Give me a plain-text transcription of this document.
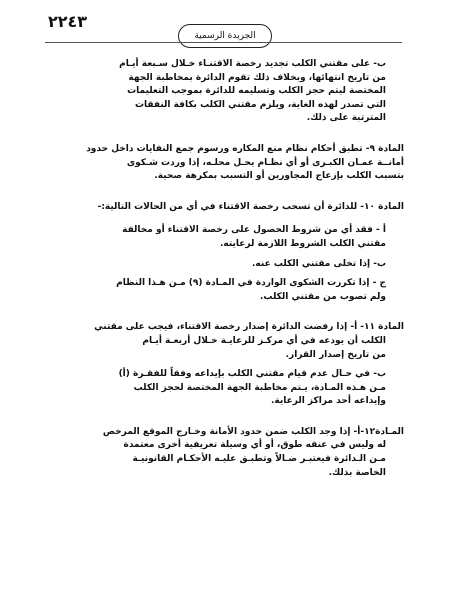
٢٢٤٣
الجريدة الرسمية
ب- على مقتني الكلب تجديد رخصة الاقتنـاء خـلال سـبعة أيـام
من تاريخ انتهائها، وبخلاف ذلك تقوم الدائرة بمخاطبة الجهة
المختصة ليتم حجز الكلب وتسليمه للدائرة بموجب التعليمات
التي تصدر لهذه الغاية، ويلزم مقتني الكلب بكافة النفقات
المترتبة على ذلك.
المادة ٩- تطبق أحكام نظام منع المكاره ورسوم جمع النفايات داخل حدود
أمانــة عمـان الكبـرى أو أي نظـام يحـل محلـه، إذا وردت شـكوى
بتسبب الكلب بإزعاج المجاورين أو التسبب بمكرهة صحية.
المادة ١٠- للدائرة أن تسحب رخصة الاقتناء في أي من الحالات التالية:-
أ - فقد أي من شروط الحصول على رخصة الاقتناء أو مخالفة
مقتني الكلب الشروط اللازمة لرعايته.
ب- إذا تخلى مقتني الكلب عنه.
ج - إذا تكررت الشكوى الواردة في المـادة (٩) مـن هـذا النظام
ولم تصوب من مقتني الكلب.
المادة ١١- أ- إذا رفضت الدائرة إصدار رخصة الاقتناء، فيجب على مقتني
الكلب أن يودعه في أي مركـز للرعايـة خـلال أربعـة أيـام
من تاريخ إصدار القرار.
ب- في حـال عدم قيام مقتني الكلب بإيداعه وفقاً للفقـرة (أ)
مـن هـذه المـادة، يـتم مخاطبة الجهة المختصة لحجز الكلب
وإيداعه أحد مراكز الرعاية.
المـادة١٢-أ- إذا وجد الكلب ضمن حدود الأمانة وخـارج الموقع المرخص
له وليس في عنقه طوق، أو أي وسيلة تعريفية أخرى معتمدة
مـن الـدائرة فيعتبـر ضـالاً وتطبـق عليـه الأحكـام القانونيـة
الخاصة بذلك.
